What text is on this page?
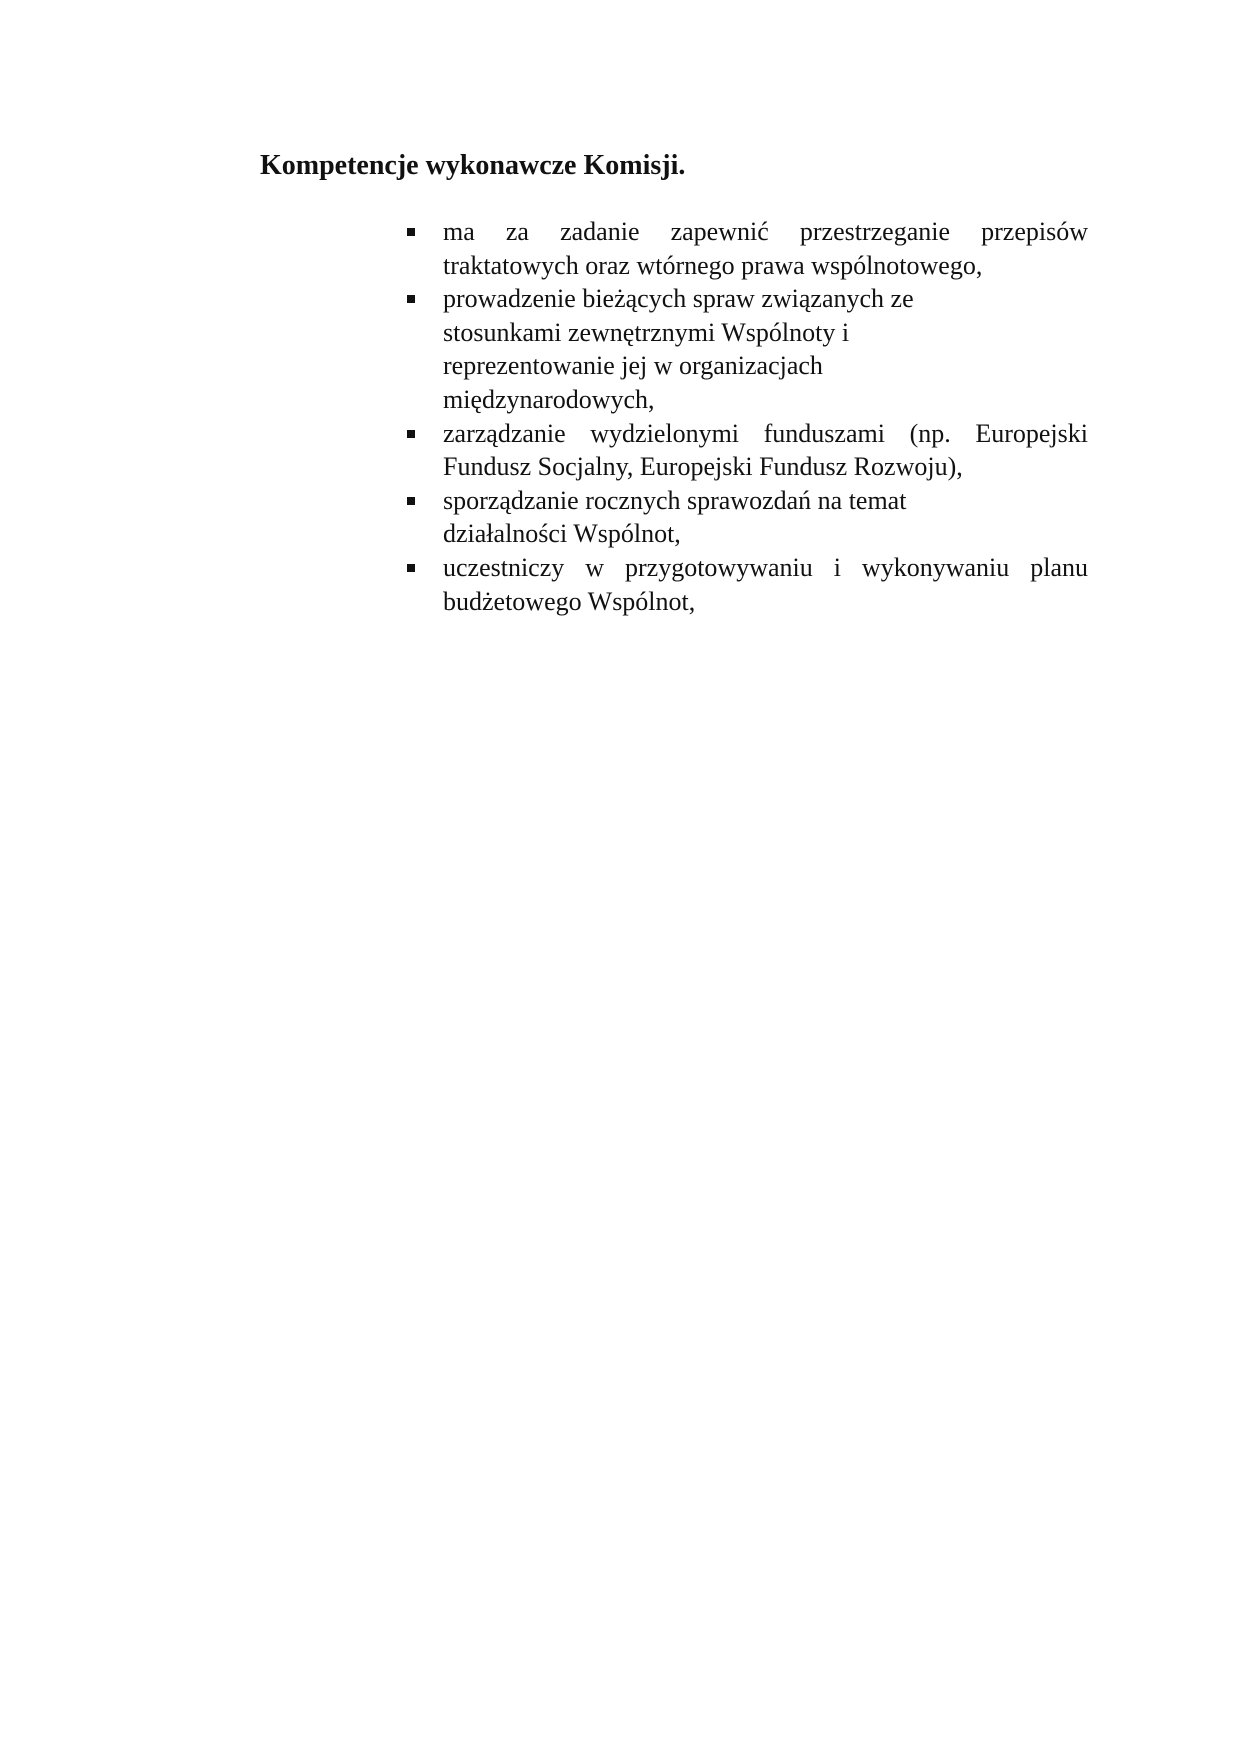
Kompetencje wykonawcze Komisji.
ma za zadanie zapewnić przestrzeganie przepisów
traktatowych oraz wtórnego prawa wspólnotowego,
prowadzenie bieżących spraw związanych ze
stosunkami zewnętrznymi Wspólnoty i
reprezentowanie jej w organizacjach
międzynarodowych,
zarządzanie wydzielonymi funduszami (np. Europejski
Fundusz Socjalny, Europejski Fundusz Rozwoju),
sporządzanie rocznych sprawozdań na temat
działalności Wspólnot,
uczestniczy w przygotowywaniu i wykonywaniu planu
budżetowego Wspólnot,
